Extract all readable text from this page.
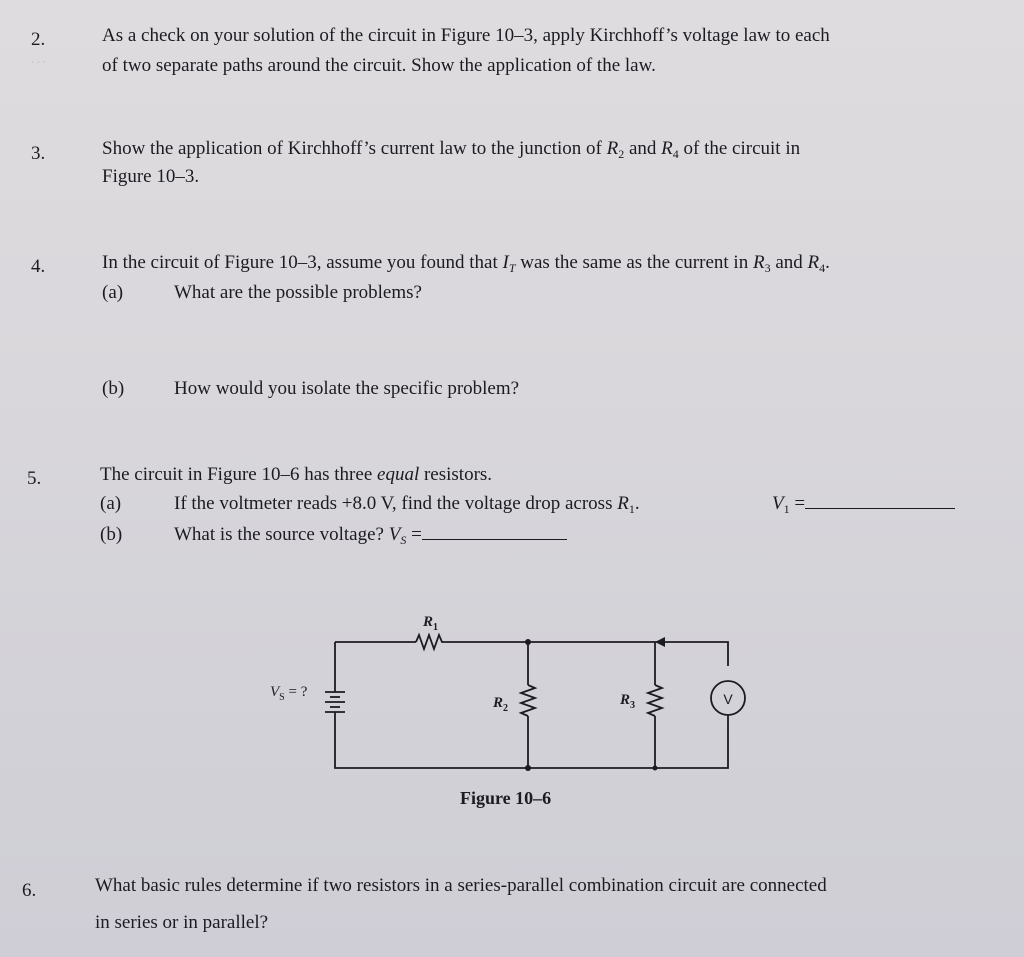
…
2.	As a check on your solution of the circuit in Figure 10–3, apply Kirchhoff’s voltage law to each
of two separate paths around the circuit. Show the application of the law.
3.	Show the application of Kirchhoff’s current law to the junction of $R_2$ and $R_4$ of the circuit in
Figure 10–3.
4.	In the circuit of Figure 10–3, assume you found that $I_T$ was the same as the current in $R_3$ and $R_4$.
(a)	What are the possible problems?
(b)	How would you isolate the specific problem?
5.	The circuit in Figure 10–6 has three equal resistors.
(a)	If the voltmeter reads +8.0 V, find the voltage drop across $R_1$.	$V_1$ =
(b)	What is the source voltage? $V_S$ =
$R_1$
$R_2$
$R_3$
$V_S$ = ?	V
Figure 10–6
6.	What basic rules determine if two resistors in a series-parallel combination circuit are connected
in series or in parallel?
